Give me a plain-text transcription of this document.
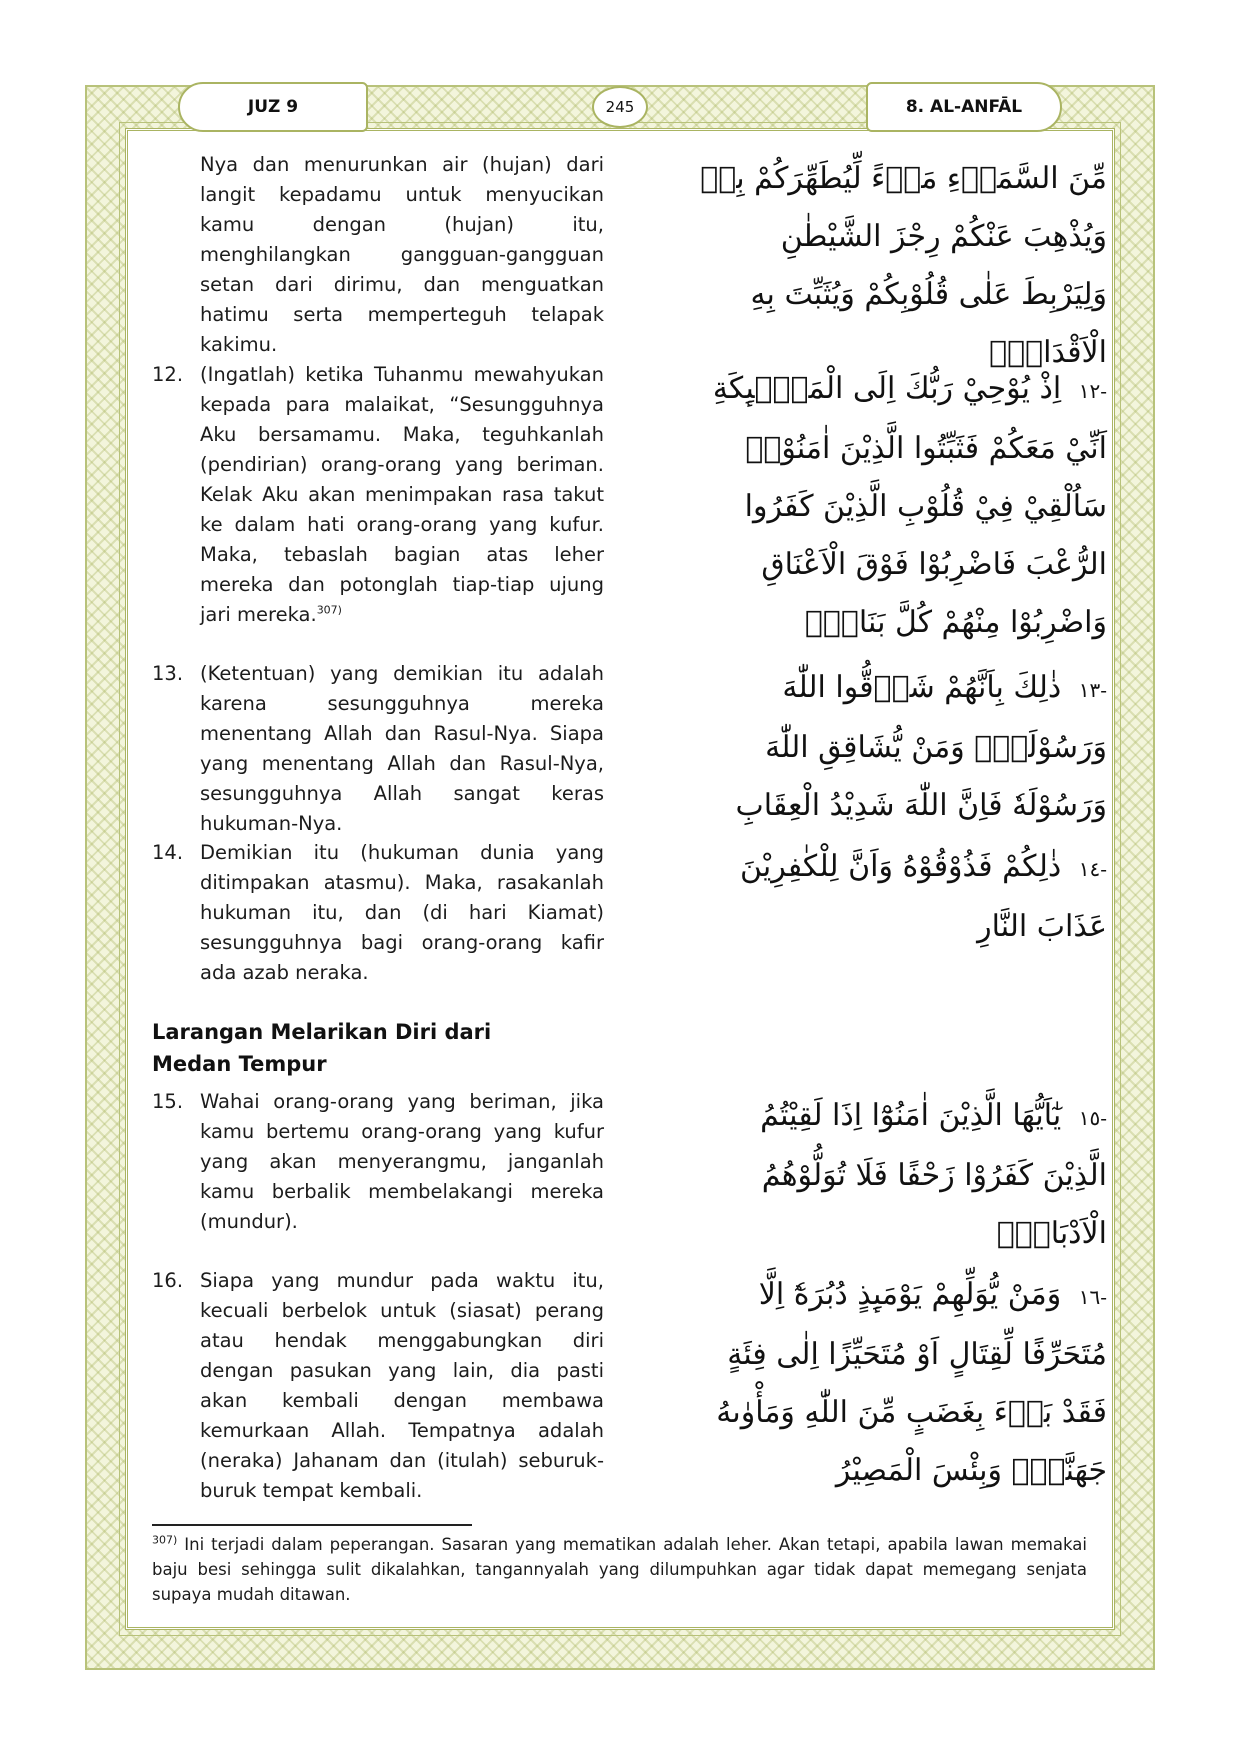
JUZ 9	245	8. AL-ANFĀL
Nya dan menurunkan air (hujan) dari langit kepadamu untuk menyucikan kamu dengan (hujan) itu, menghilangkan gangguan-gangguan setan dari dirimu, dan menguatkan hatimu serta memperteguh telapak kakimu.
مِّنَ السَّمَاۤءِ مَاۤءً لِّيُطَهِّرَكُمْ بِهٖ وَيُذْهِبَ عَنْكُمْ رِجْزَ الشَّيْطٰنِ وَلِيَرْبِطَ عَلٰى قُلُوْبِكُمْ وَيُثَبِّتَ بِهِ الْاَقْدَامَۗ
12. (Ingatlah) ketika Tuhanmu mewahyukan kepada para malaikat, “Sesungguhnya Aku bersamamu. Maka, teguhkanlah (pendirian) orang-orang yang beriman. Kelak Aku akan menimpakan rasa takut ke dalam hati orang-orang yang kufur. Maka, tebaslah bagian atas leher mereka dan potonglah tiap-tiap ujung jari mereka.$^{307)}$
-١٢ اِذْ يُوْحِيْ رَبُّكَ اِلَى الْمَلٰۤىِٕكَةِ اَنِّيْ مَعَكُمْ فَثَبِّتُوا الَّذِيْنَ اٰمَنُوْاۗ سَاُلْقِيْ فِيْ قُلُوْبِ الَّذِيْنَ كَفَرُوا الرُّعْبَ فَاضْرِبُوْا فَوْقَ الْاَعْنَاقِ وَاضْرِبُوْا مِنْهُمْ كُلَّ بَنَانٍۗ
13. (Ketentuan) yang demikian itu adalah karena sesungguhnya mereka menentang Allah dan Rasul-Nya. Siapa yang menentang Allah dan Rasul-Nya, sesungguhnya Allah sangat keras hukuman-Nya.
-١٣ ذٰلِكَ بِاَنَّهُمْ شَاۤقُّوا اللّٰهَ وَرَسُوْلَهٗۚ وَمَنْ يُّشَاقِقِ اللّٰهَ وَرَسُوْلَهٗ فَاِنَّ اللّٰهَ شَدِيْدُ الْعِقَابِ
14. Demikian itu (hukuman dunia yang ditimpakan atasmu). Maka, rasakanlah hukuman itu, dan (di hari Kiamat) sesungguhnya bagi orang-orang kafir ada azab neraka.
-١٤ ذٰلِكُمْ فَذُوْقُوْهُ وَاَنَّ لِلْكٰفِرِيْنَ عَذَابَ النَّارِ
Larangan Melarikan Diri dari Medan Tempur
15. Wahai orang-orang yang beriman, jika kamu bertemu orang-orang yang kufur yang akan menyerangmu, janganlah kamu berbalik membelakangi mereka (mundur).
-١٥ يٰٓاَيُّهَا الَّذِيْنَ اٰمَنُوْٓا اِذَا لَقِيْتُمُ الَّذِيْنَ كَفَرُوْا زَحْفًا فَلَا تُوَلُّوْهُمُ الْاَدْبَارَۚ
16. Siapa yang mundur pada waktu itu, kecuali berbelok untuk (siasat) perang atau hendak menggabungkan diri dengan pasukan yang lain, dia pasti akan kembali dengan membawa kemurkaan Allah. Tempatnya adalah (neraka) Jahanam dan (itulah) seburuk-buruk tempat kembali.
-١٦ وَمَنْ يُّوَلِّهِمْ يَوْمَىِٕذٍ دُبُرَهٗٓ اِلَّا مُتَحَرِّفًا لِّقِتَالٍ اَوْ مُتَحَيِّزًا اِلٰى فِئَةٍ فَقَدْ بَاۤءَ بِغَضَبٍ مِّنَ اللّٰهِ وَمَأْوٰىهُ جَهَنَّمُۗ وَبِئْسَ الْمَصِيْرُ
$^{307)}$ Ini terjadi dalam peperangan. Sasaran yang mematikan adalah leher. Akan tetapi, apabila lawan memakai baju besi sehingga sulit dikalahkan, tangannyalah yang dilumpuhkan agar tidak dapat memegang senjata supaya mudah ditawan.
